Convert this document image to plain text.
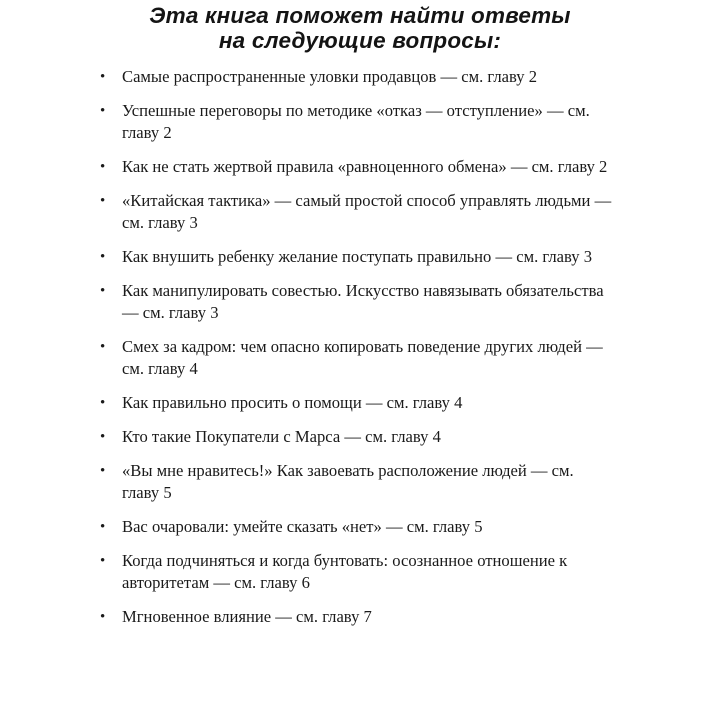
Эта книга поможет найти ответы
на следующие вопросы:
• Самые распространенные уловки продавцов — см. главу 2
• Успешные переговоры по методике «отказ — отступление» — см. главу 2
• Как не стать жертвой правила «равноценного обмена» — см. главу 2
• «Китайская тактика» — самый простой способ управлять людьми — см. главу 3
• Как внушить ребенку желание поступать правильно — см. главу 3
• Как манипулировать совестью. Искусство навязывать обязательства — см. главу 3
• Смех за кадром: чем опасно копировать поведение других людей — см. главу 4
• Как правильно просить о помощи — см. главу 4
• Кто такие Покупатели с Марса — см. главу 4
• «Вы мне нравитесь!» Как завоевать расположение людей — см. главу 5
• Вас очаровали: умейте сказать «нет» — см. главу 5
• Когда подчиняться и когда бунтовать: осознанное отношение к авторитетам — см. главу 6
• Мгновенное влияние — см. главу 7
